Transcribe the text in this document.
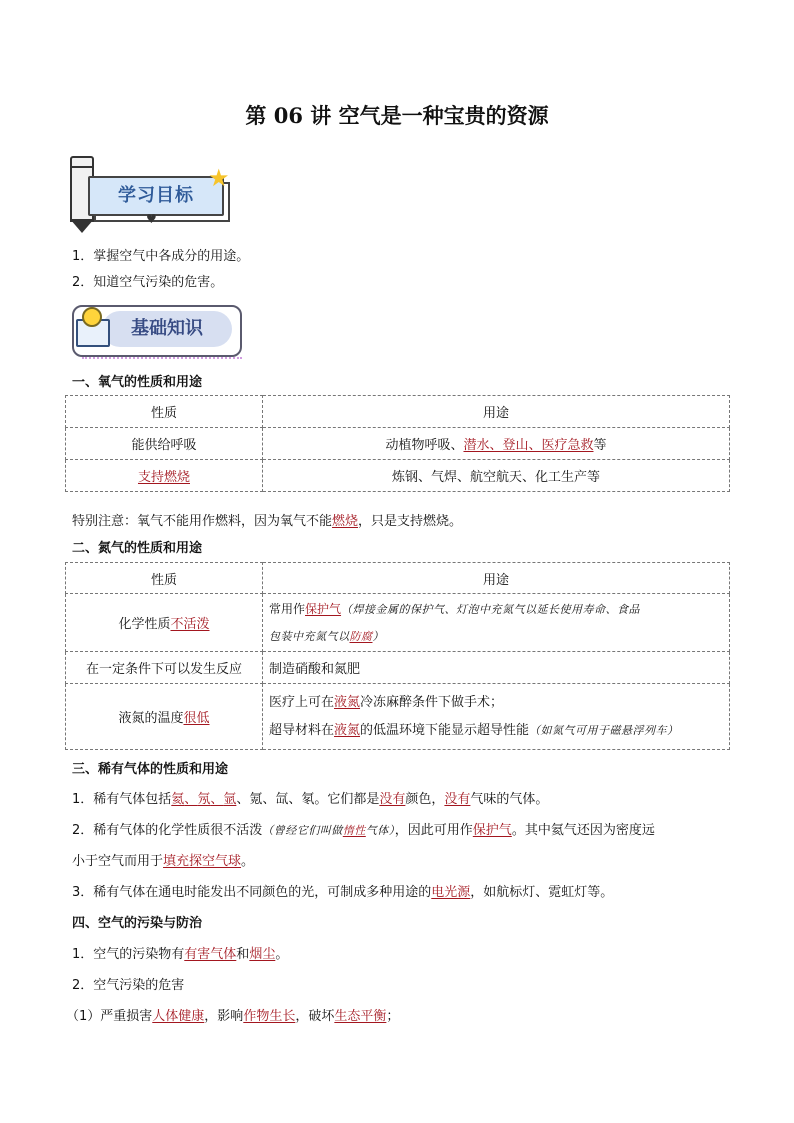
第 06 讲 空气是一种宝贵的资源
学习目标
★
♥
1．掌握空气中各成分的用途。
2．知道空气污染的危害。
基础知识
一、氧气的性质和用途
性质	用途
能供给呼吸	动植物呼吸、潜水、登山、医疗急救等
支持燃烧	炼钢、气焊、航空航天、化工生产等
特别注意：氧气不能用作燃料，因为氧气不能燃烧，只是支持燃烧。
二、氮气的性质和用途
性质	用途
化学性质不活泼	常用作保护气（焊接金属的保护气、灯泡中充氮气以延长使用寿命、食品
包装中充氮气以防腐）
在一定条件下可以发生反应	制造硝酸和氮肥
液氮的温度很低	医疗上可在液氮冷冻麻醉条件下做手术；
超导材料在液氮的低温环境下能显示超导性能（如氮气可用于磁悬浮列车）
三、稀有气体的性质和用途
1．稀有气体包括氦、氖、氩、氪、氙、氡。它们都是没有颜色，没有气味的气体。
2．稀有气体的化学性质很不活泼（曾经它们叫做惰性气体），因此可用作保护气。其中氦气还因为密度远
小于空气而用于填充探空气球。
3．稀有气体在通电时能发出不同颜色的光，可制成多种用途的电光源，如航标灯、霓虹灯等。
四、空气的污染与防治
1．空气的污染物有有害气体和烟尘。
2．空气污染的危害
（1）严重损害人体健康，影响作物生长，破坏生态平衡；
